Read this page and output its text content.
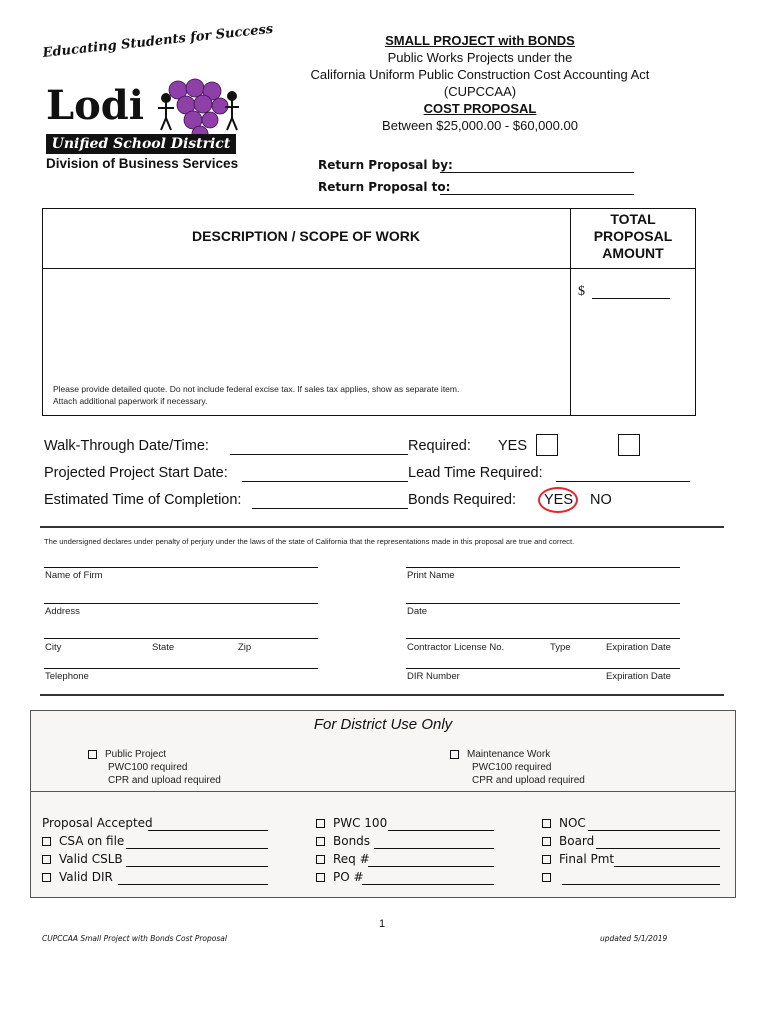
Educating Students for Success
Lodi
Unified School District
Division of Business Services
SMALL PROJECT with BONDS
Public Works Projects under the
California Uniform Public Construction Cost Accounting Act
(CUPCCAA)
COST PROPOSAL
Between $25,000.00 - $60,000.00
Return Proposal by:
Return Proposal to:
DESCRIPTION / SCOPE OF WORK
TOTAL
PROPOSAL
AMOUNT
$
Please provide detailed quote. Do not include federal excise tax. If sales tax applies, show as separate item.
Attach additional paperwork if necessary.
Walk-Through Date/Time:	Required: YES
Projected Project Start Date:	Lead Time Required:
Estimated Time of Completion:	Bonds Required: YES NO
The undersigned declares under penalty of perjury under the laws of the state of California that the representations made in this proposal are true and correct.
Name of Firm	Print Name
Address	Date
City	State	Zip	Contractor License No.	Type	Expiration Date
Telephone	DIR Number	Expiration Date
For District Use Only
Public Project
PWC100 required
CPR and upload required
Maintenance Work
PWC100 required
CPR and upload required
Proposal Accepted
CSA on file
Valid CSLB
Valid DIR
PWC 100
Bonds
Req #
PO #
NOC
Board
Final Pmt
1
CUPCCAA Small Project with Bonds Cost Proposal	updated 5/1/2019
